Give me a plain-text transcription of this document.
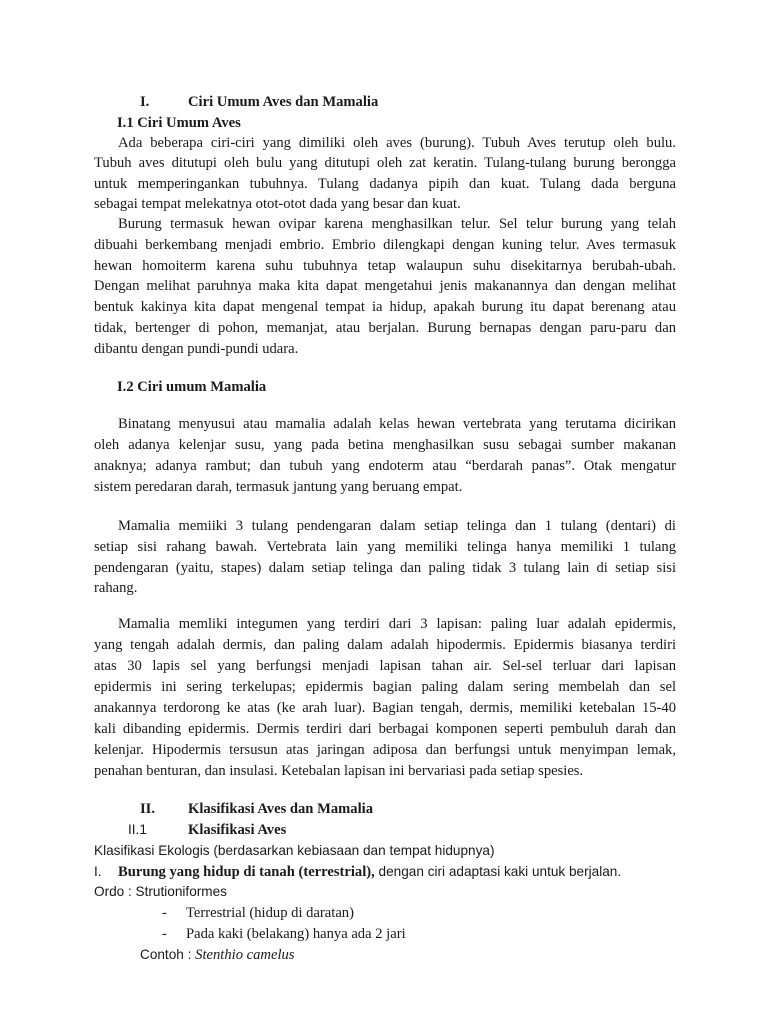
I.	Ciri Umum Aves dan Mamalia
I.1 Ciri Umum Aves
Ada beberapa ciri-ciri yang dimiliki oleh aves (burung). Tubuh Aves terutup oleh bulu.
Tubuh aves ditutupi oleh bulu yang ditutupi oleh zat keratin. Tulang-tulang burung berongga
untuk memperingankan tubuhnya. Tulang dadanya pipih dan kuat. Tulang dada berguna
sebagai tempat melekatnya otot-otot dada yang besar dan kuat.
Burung termasuk hewan ovipar karena menghasilkan telur. Sel telur burung yang telah
dibuahi berkembang menjadi embrio. Embrio dilengkapi dengan kuning telur. Aves termasuk
hewan homoiterm karena suhu tubuhnya tetap walaupun suhu disekitarnya berubah-ubah.
Dengan melihat paruhnya maka kita dapat mengetahui jenis makanannya dan dengan melihat
bentuk kakinya kita dapat mengenal tempat ia hidup, apakah burung itu dapat berenang atau
tidak, bertenger di pohon, memanjat, atau berjalan. Burung bernapas dengan paru-paru dan
dibantu dengan pundi-pundi udara.
I.2 Ciri umum Mamalia
Binatang menyusui atau mamalia adalah kelas hewan vertebrata yang terutama dicirikan
oleh adanya kelenjar susu, yang pada betina menghasilkan susu sebagai sumber makanan
anaknya; adanya rambut; dan tubuh yang endoterm atau “berdarah panas”. Otak mengatur
sistem peredaran darah, termasuk jantung yang beruang empat.
Mamalia memiiki 3 tulang pendengaran dalam setiap telinga dan 1 tulang (dentari) di
setiap sisi rahang bawah. Vertebrata lain yang memiliki telinga hanya memiliki 1 tulang
pendengaran (yaitu, stapes) dalam setiap telinga dan paling tidak 3 tulang lain di setiap sisi
rahang.
Mamalia memliki integumen yang terdiri dari 3 lapisan: paling luar adalah epidermis,
yang tengah adalah dermis, dan paling dalam adalah hipodermis. Epidermis biasanya terdiri
atas 30 lapis sel yang berfungsi menjadi lapisan tahan air. Sel-sel terluar dari lapisan
epidermis ini sering terkelupas; epidermis bagian paling dalam sering membelah dan sel
anakannya terdorong ke atas (ke arah luar). Bagian tengah, dermis, memiliki ketebalan 15-40
kali dibanding epidermis. Dermis terdiri dari berbagai komponen seperti pembuluh darah dan
kelenjar. Hipodermis tersusun atas jaringan adiposa dan berfungsi untuk menyimpan lemak,
penahan benturan, dan insulasi. Ketebalan lapisan ini bervariasi pada setiap spesies.
II. Klasifikasi Aves dan Mamalia
II.1	Klasifikasi Aves
Klasifikasi Ekologis (berdasarkan kebiasaan dan tempat hidupnya)
I. Burung yang hidup di tanah (terrestrial), dengan ciri adaptasi kaki untuk berjalan.
Ordo : Strutioniformes
- Terrestrial (hidup di daratan)
- Pada kaki (belakang) hanya ada 2 jari
Contoh : Stenthio camelus
